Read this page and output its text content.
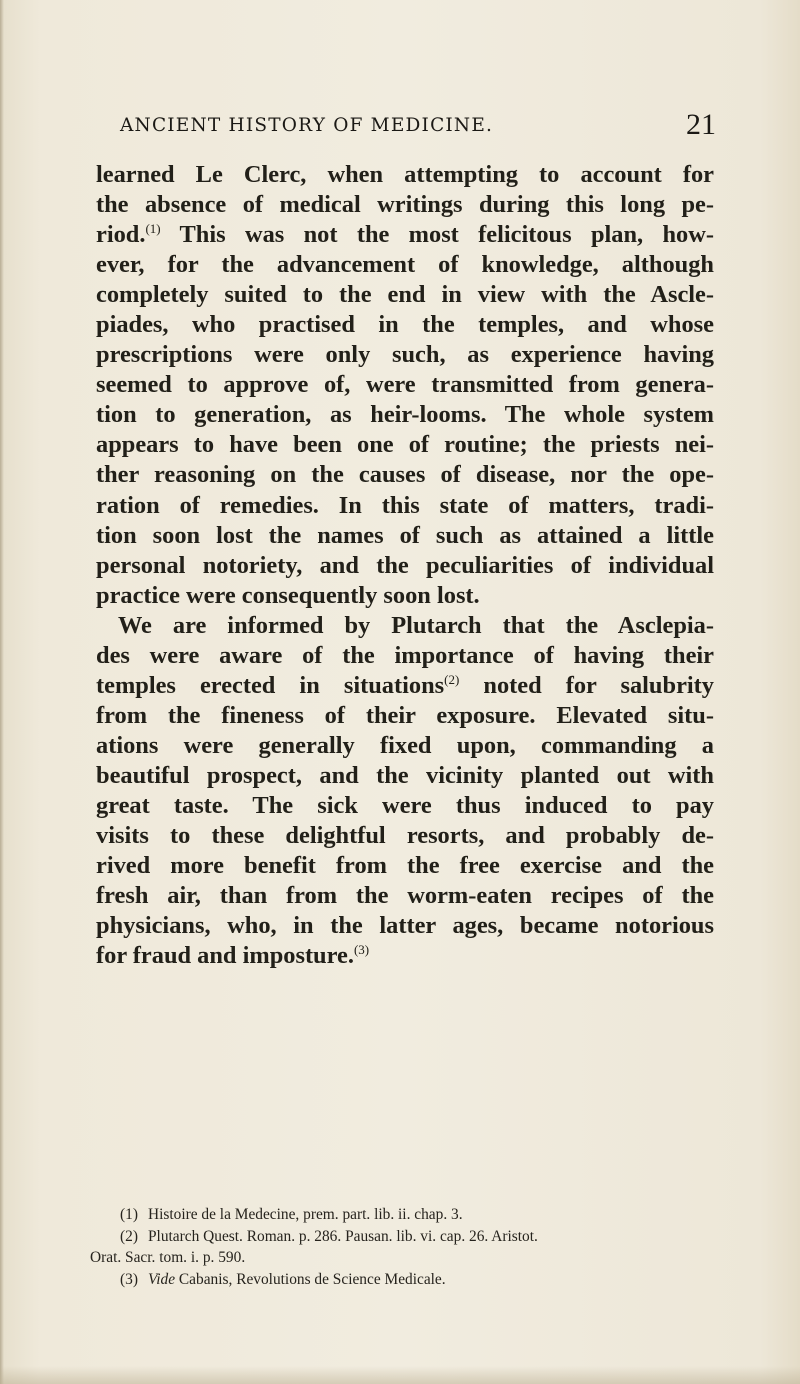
ANCIENT HISTORY OF MEDICINE.	21
learned Le Clerc, when attempting to account for
the absence of medical writings during this long pe-
riod.$^{(1)}$ This was not the most felicitous plan, how-
ever, for the advancement of knowledge, although
completely suited to the end in view with the Ascle-
piades, who practised in the temples, and whose
prescriptions were only such, as experience having
seemed to approve of, were transmitted from genera-
tion to generation, as heir-looms. The whole system
appears to have been one of routine; the priests nei-
ther reasoning on the causes of disease, nor the ope-
ration of remedies. In this state of matters, tradi-
tion soon lost the names of such as attained a little
personal notoriety, and the peculiarities of individual
practice were consequently soon lost.
We are informed by Plutarch that the Asclepia-
des were aware of the importance of having their
temples erected in situations$^{(2)}$ noted for salubrity
from the fineness of their exposure. Elevated situ-
ations were generally fixed upon, commanding a
beautiful prospect, and the vicinity planted out with
great taste. The sick were thus induced to pay
visits to these delightful resorts, and probably de-
rived more benefit from the free exercise and the
fresh air, than from the worm-eaten recipes of the
physicians, who, in the latter ages, became notorious
for fraud and imposture.$^{(3)}$
(1) Histoire de la Medecine, prem. part. lib. ii. chap. 3.
(2) Plutarch Quest. Roman. p. 286. Pausan. lib. vi. cap. 26. Aristot.
Orat. Sacr. tom. i. p. 590.
(3) Vide Cabanis, Revolutions de Science Medicale.
